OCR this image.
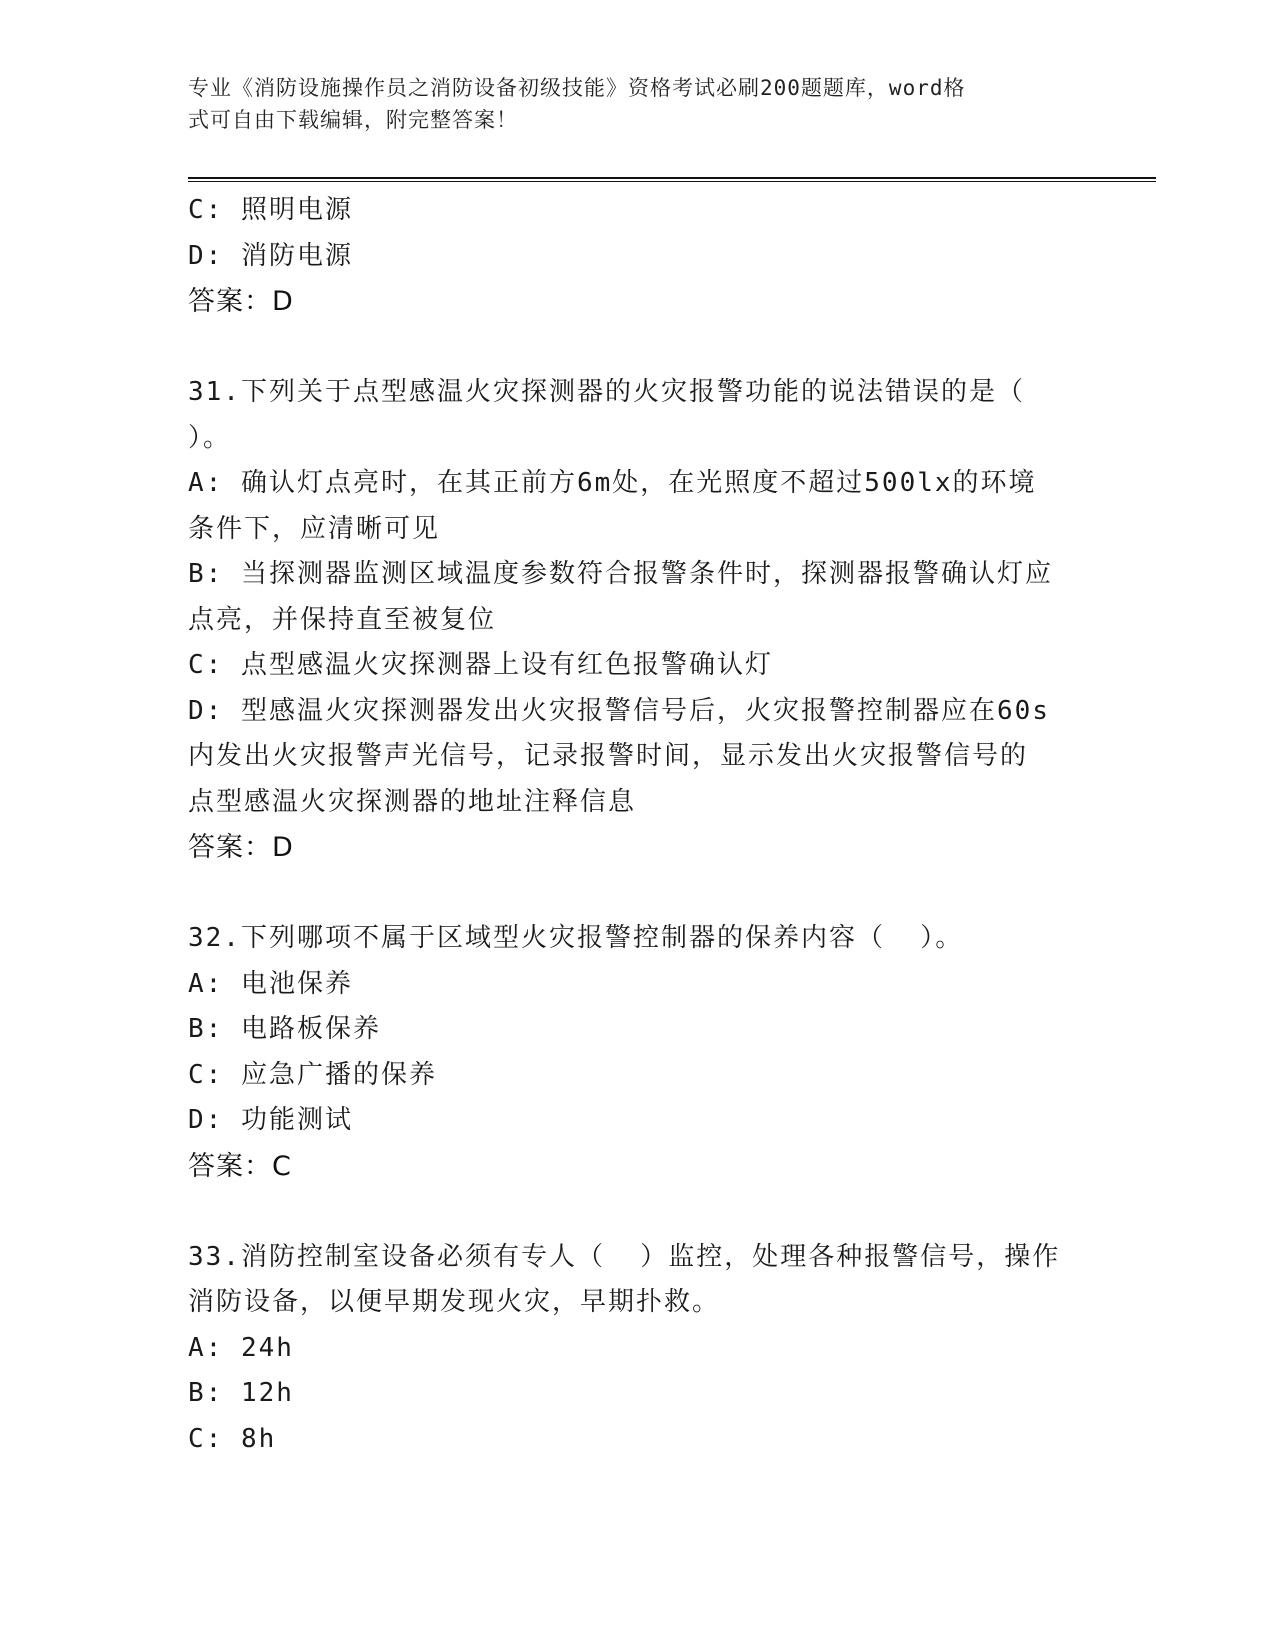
专业《消防设施操作员之消防设备初级技能》资格考试必刷200题题库，word格
式可自由下载编辑，附完整答案！
C: 照明电源
D: 消防电源
答案：D
31.下列关于点型感温火灾探测器的火灾报警功能的说法错误的是（
）。
A: 确认灯点亮时，在其正前方6m处，在光照度不超过500lx的环境
条件下，应清晰可见
B: 当探测器监测区域温度参数符合报警条件时，探测器报警确认灯应
点亮，并保持直至被复位
C: 点型感温火灾探测器上设有红色报警确认灯
D: 型感温火灾探测器发出火灾报警信号后，火灾报警控制器应在60s
内发出火灾报警声光信号，记录报警时间，显示发出火灾报警信号的
点型感温火灾探测器的地址注释信息
答案：D
32.下列哪项不属于区域型火灾报警控制器的保养内容（  ）。
A: 电池保养
B: 电路板保养
C: 应急广播的保养
D: 功能测试
答案：C
33.消防控制室设备必须有专人（  ）监控，处理各种报警信号，操作
消防设备，以便早期发现火灾，早期扑救。
A: 24h
B: 12h
C: 8h
